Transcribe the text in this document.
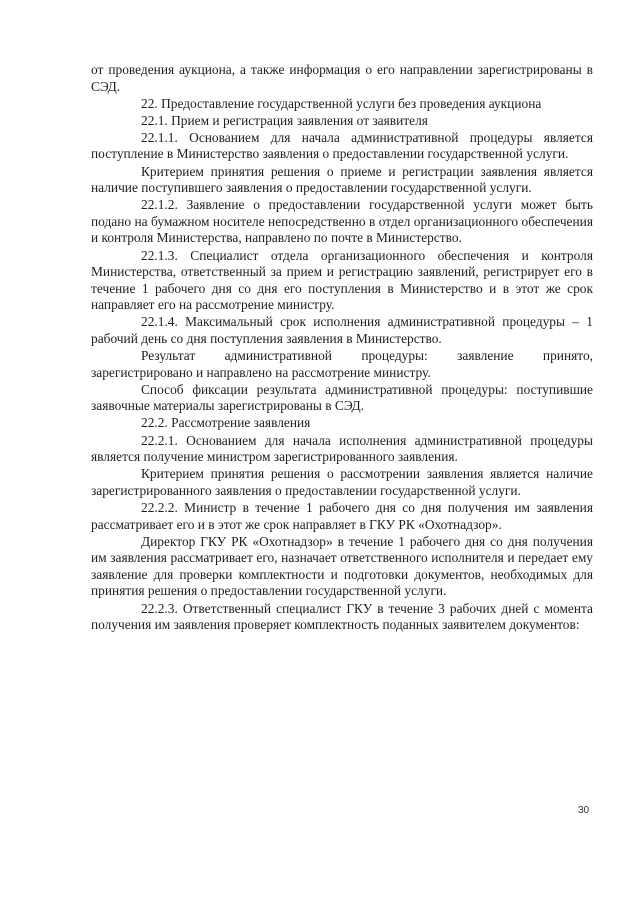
от проведения аукциона, а также информация о его направлении зарегистрированы в СЭД.

22. Предоставление государственной услуги без проведения аукциона

22.1. Прием и регистрация заявления от заявителя

22.1.1. Основанием для начала административной процедуры является поступление в Министерство заявления о предоставлении государственной услуги.

Критерием принятия решения о приеме и регистрации заявления является наличие поступившего заявления о предоставлении государственной услуги.

22.1.2. Заявление о предоставлении государственной услуги может быть подано на бумажном носителе непосредственно в отдел организационного обеспечения и контроля Министерства, направлено по почте в Министерство.

22.1.3. Специалист отдела организационного обеспечения и контроля Министерства, ответственный за прием и регистрацию заявлений, регистрирует его в течение 1 рабочего дня со дня его поступления в Министерство и в этот же срок направляет его на рассмотрение министру.

22.1.4. Максимальный срок исполнения административной процедуры – 1 рабочий день со дня поступления заявления в Министерство.

Результат административной процедуры: заявление принято, зарегистрировано и направлено на рассмотрение министру.

Способ фиксации результата административной процедуры: поступившие заявочные материалы зарегистрированы в СЭД.

22.2. Рассмотрение заявления

22.2.1. Основанием для начала исполнения административной процедуры является получение министром зарегистрированного заявления.

Критерием принятия решения о рассмотрении заявления является наличие зарегистрированного заявления о предоставлении государственной услуги.

22.2.2. Министр в течение 1 рабочего дня со дня получения им заявления рассматривает его и в этот же срок направляет в ГКУ РК «Охотнадзор».

Директор ГКУ РК «Охотнадзор» в течение 1 рабочего дня со дня получения им заявления рассматривает его, назначает ответственного исполнителя и передает ему заявление для проверки комплектности и подготовки документов, необходимых для принятия решения о предоставлении государственной услуги.

22.2.3. Ответственный специалист ГКУ в течение 3 рабочих дней с момента получения им заявления проверяет комплектность поданных заявителем документов:

30
